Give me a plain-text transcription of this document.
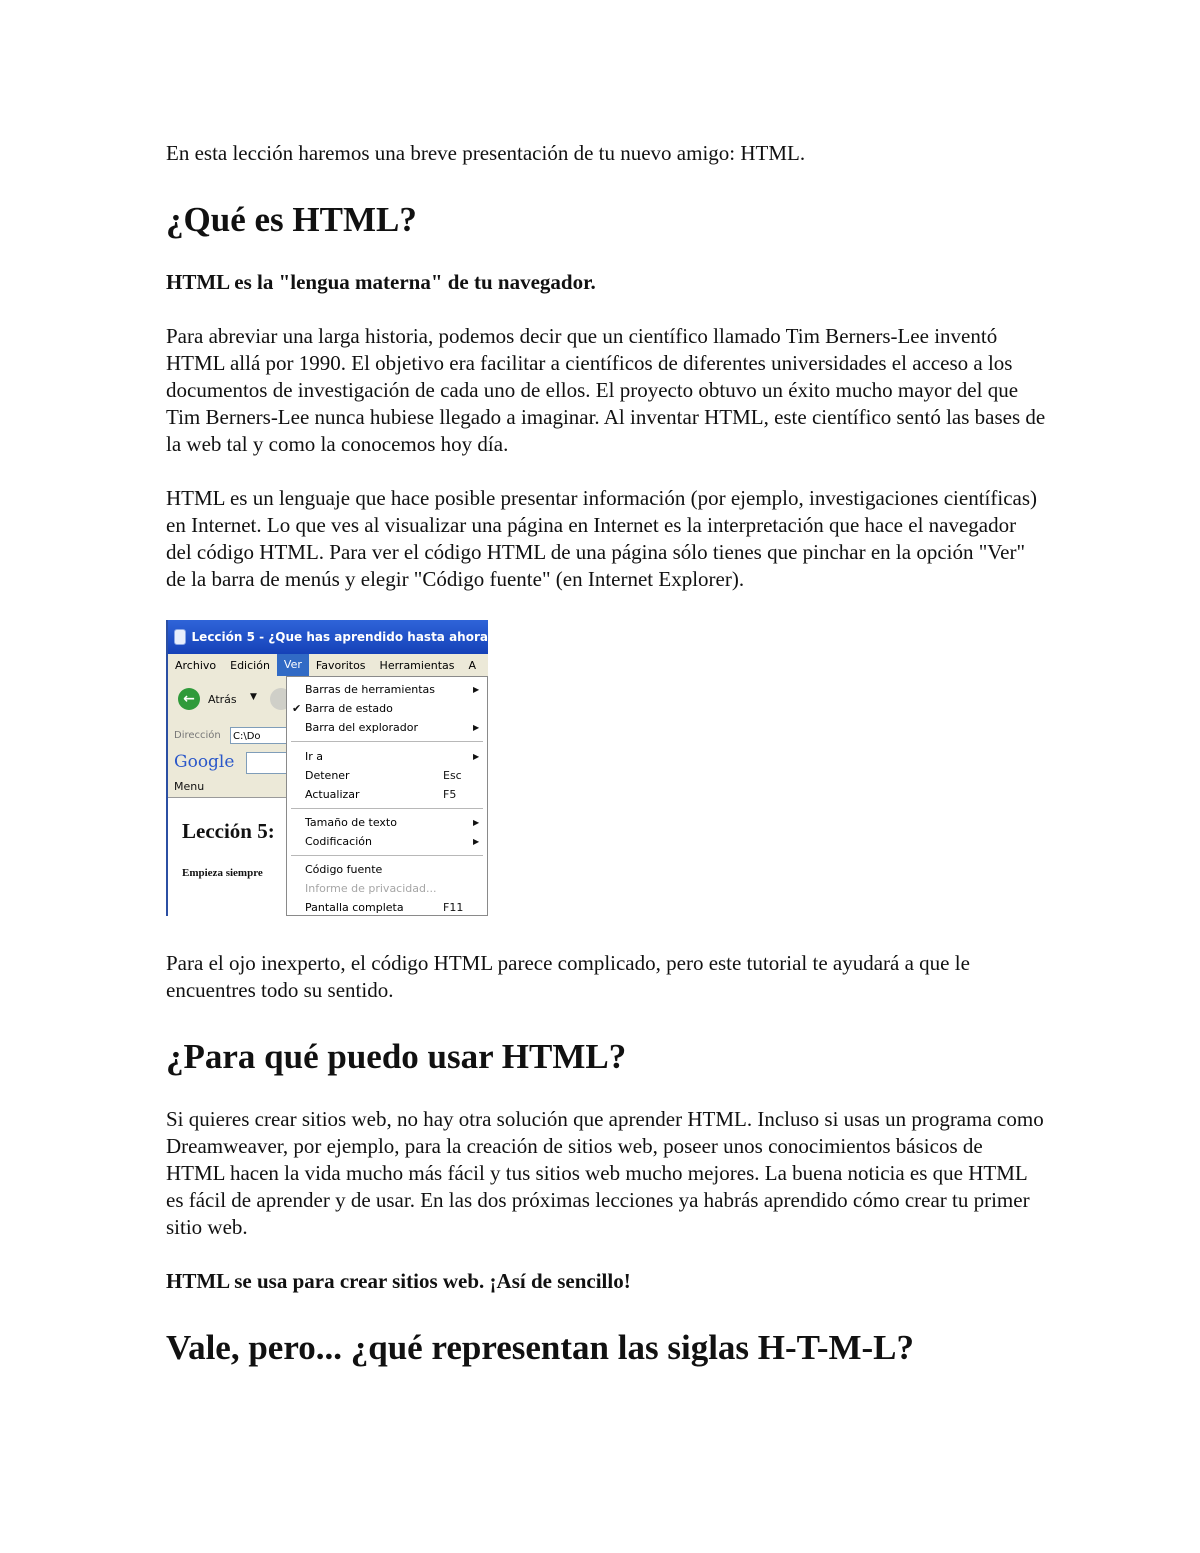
En esta lección haremos una breve presentación de tu nuevo amigo: HTML.

¿Qué es HTML?

HTML es la "lengua materna" de tu navegador.

Para abreviar una larga historia, podemos decir que un científico llamado Tim Berners-Lee inventó HTML allá por 1990. El objetivo era facilitar a científicos de diferentes universidades el acceso a los documentos de investigación de cada uno de ellos. El proyecto obtuvo un éxito mucho mayor del que Tim Berners-Lee nunca hubiese llegado a imaginar. Al inventar HTML, este científico sentó las bases de la web tal y como la conocemos hoy día.

HTML es un lenguaje que hace posible presentar información (por ejemplo, investigaciones científicas) en Internet. Lo que ves al visualizar una página en Internet es la interpretación que hace el navegador del código HTML. Para ver el código HTML de una página sólo tienes que pinchar en la opción "Ver" de la barra de menús y elegir "Código fuente" (en Internet Explorer).

Lección 5 - ¿Que has aprendido hasta ahora
Archivo	Edición	Ver	Favoritos	Herramientas	A
←	Atrás ▼
Dirección	C:\Do
Google
Menu
Lección 5:
Empieza siempre
Barras de herramientas	▶
✔ Barra de estado
Barra del explorador	▶
Ir a	▶
Detener	Esc
Actualizar	F5
Tamaño de texto	▶
Codificación	▶
Código fuente
Informe de privacidad...
Pantalla completa	F11

Para el ojo inexperto, el código HTML parece complicado, pero este tutorial te ayudará a que le encuentres todo su sentido.

¿Para qué puedo usar HTML?

Si quieres crear sitios web, no hay otra solución que aprender HTML. Incluso si usas un programa como Dreamweaver, por ejemplo, para la creación de sitios web, poseer unos conocimientos básicos de HTML hacen la vida mucho más fácil y tus sitios web mucho mejores. La buena noticia es que HTML es fácil de aprender y de usar. En las dos próximas lecciones ya habrás aprendido cómo crear tu primer sitio web.

HTML se usa para crear sitios web. ¡Así de sencillo!

Vale, pero... ¿qué representan las siglas H-T-M-L?
